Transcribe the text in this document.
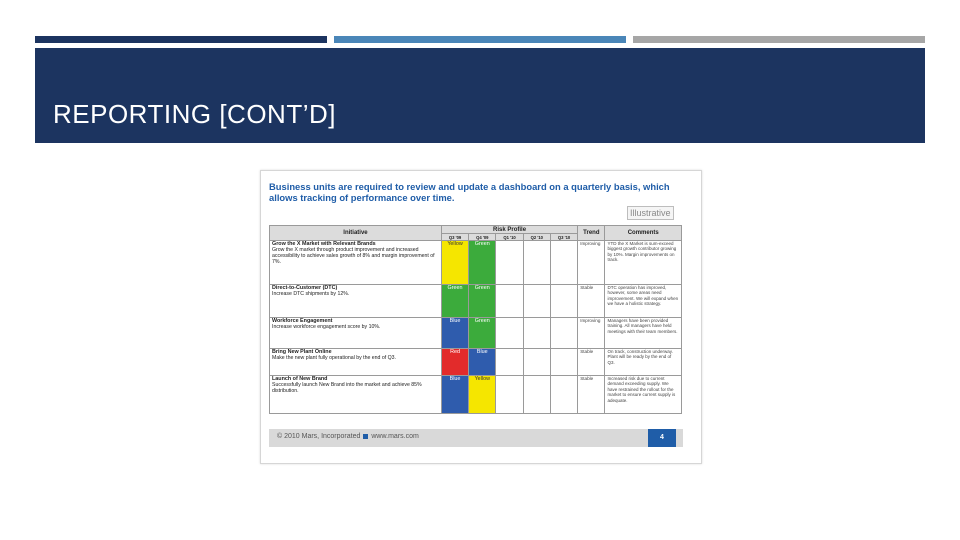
REPORTING [CONT’D]
Business units are required to review and update a dashboard on a quarterly basis, which allows tracking of performance over time.
Illustrative
Initiative	Risk Profile					Trend	Comments
	Q3 '09	Q4 '09	Q1 '10	Q2 '10	Q3 '10		

Grow the X Market with Relevant Brands
Grow the X market through product improvement and increased accessibility to achieve sales growth of 8% and margin improvement of 7%.	Yellow	Green				Improving	YTD the X Market is sum-exceed biggest growth contributor growing by 10%. Margin improvements on track.

Direct-to-Customer (DTC)
Increase DTC shipments by 12%.	Green	Green				Stable	DTC operation has improved, however, some areas need improvement. We will expand when we have a holistic strategy.

Workforce Engagement
Increase workforce engagement score by 10%.	Blue	Green				Improving	Managers have been provided training. All managers have held meetings with their team members.

Bring New Plant Online
Make the new plant fully operational by the end of Q3.	Red	Blue				Stable	On track, construction underway. Plant will be ready by the end of Q3.

Launch of New Brand
Successfully launch New Brand into the market and achieve 85% distribution.	Blue	Yellow				Stable	Increased risk due to current demand exceeding supply. We have restrained the rollout for the market to ensure current supply is adequate.
© 2010 Mars, Incorporated www.mars.com	4
